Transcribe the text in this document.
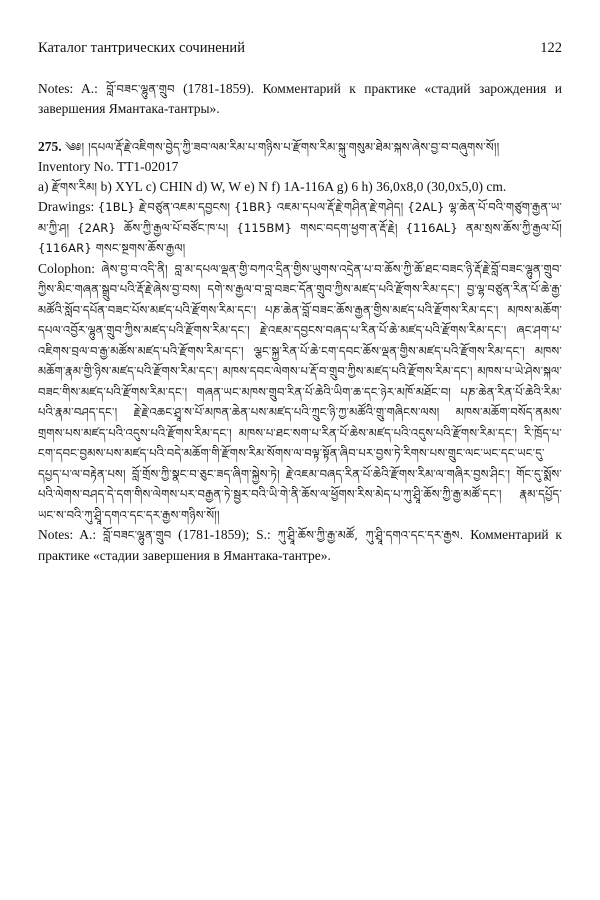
Каталог тантрических сочинений	122
Notes: A.: བློ་བཟང་ལྷུན་གྲུབ (1781-1859). Комментарий к практике «стадий зарождения и завершения Ямантака-тантры».
275. ༄༅། །དཔལ་རྡོ་རྗེ་འཇིགས་བྱེད་ཀྱི་ཟབ་ལམ་རིམ་པ་གཉིས་པ་རྫོགས་རིམ་སྐུ་གསུམ་ཐེམ་སྐས་ཞེས་བྱ་བ་བཞུགས་སོ།།
Inventory No. TT1-02017
a) རྫོགས་རིམ། b) XYL c) CHIN d) W, W e) N f) 1A-116A g) 6 h) 36,0x8,0 (30,0x5,0) cm.
Drawings: {1BL} རྗེ་བཙུན་འཇམ་དབྱངས། {1BR} འཇམ་དཔལ་རྡོ་རྗེ་གཤིན་རྗེ་གཤེད། {2AL} ལྷ་ཆེན་པོ་བའི་གཙུག་རྒྱན་ཡ་མ་ཀྱི་ཤ། {2AR} ཆོས་ཀྱི་རྒྱལ་པོ་བཙོང་ཁ་པ། {115BM} གསང་བདག་ཕྱག་ན་རྡོ་རྗེ། {116AL} ནམ་སྲས་ཆོས་ཀྱི་རྒྱལ་པོ། {116AR} གསང་སྔགས་ཆོས་རྒྱལ།
Colophon: ཞེས་བྱ་བ་འདི་ནི། བླ་མ་དཔལ་ལྡན་གྱི་བཀའ་དྲིན་གྱིས་ཡུགས་འདྲེན་པ་བ་ཆོས་ཀྱི་ཆོ་ཐང་བཟང་ཉི་རྡོ་རྗེ་བློ་བཟང་ལྷུན་གྲུབ་ཀྱིས་མིང་གཞན་སྒྲུབ་པའི་རྡོ་རྗེ་ཞེས་བྱ་བས། དགེ་ས་རྒྱལ་བ་བླ་བཟང་དོན་གྲུབ་ཀྱིས་མཛད་པའི་རྫོགས་རིམ་དང་། བྱ་ལྷ་བཙུན་རིན་པོ་ཆེ་རྒྱ་མཚོའི་སློབ་དཔོན་བཟང་པོས་མཛད་པའི་རྫོགས་རིམ་དང་། པཎ་ཆེན་བློ་བཟང་ཆོས་རྒྱན་གྱིས་མཛད་པའི་རྫོགས་རིམ་དང་། མཁས་མཆོག་དཔལ་འབྱོར་ལྷུན་གྲུབ་ཀྱིས་མཛད་པའི་རྫོགས་རིམ་དང་། རྗེ་འཇམ་དབྱངས་བཞད་པ་རིན་པོ་ཆེ་མཛད་པའི་རྫོགས་རིམ་དང་། ཞང་ཤག་པ་འཇིགས་བྲལ་བ་རྒྱ་མཚོས་མཛད་པའི་རྫོགས་རིམ་དང་། ལྕང་སྐྱ་རིན་པོ་ཆེ་ངག་དབང་ཆོས་ལྡན་གྱིས་མཛད་པའི་རྫོགས་རིམ་དང་། མཁས་མཆོག་རྣམ་གྱི་ཉིས་མཛད་པའི་རྫོགས་རིམ་དང་། མཁས་དབང་ལེགས་པ་རྡོ་བ་གྲུབ་ཀྱིས་མཛད་པའི་རྫོགས་རིམ་དང་། མཁས་པ་ཡེ་ཤེས་སྐལ་བཟང་གིས་མཛད་པའི་རྫོགས་རིམ་དང་། གཞན་ཡང་མཁས་གྲུབ་རིན་པོ་ཆེའི་ཡིག་ཆ་དང་ཉེར་མཁོ་མཐོང་བ། པཎ་ཆེན་རིན་པོ་ཆེའི་རིམ་པའི་རྣམ་བཤད་དང་། རྗེ་རྗེ་འཆང་ཤྲཱ་ས་པོ་མཁན་ཆེན་པས་མཛད་པའི་ཀྲུང་ཉི་ཀྱ་མཚོའི་གྲུ་གཞིངས་ལས། མཁས་མཆོག་བསོད་ནམས་གྲགས་པས་མཛད་པའི་འདུས་པའི་རྫོགས་རིམ་དང་། མཁས་པ་ཐང་སག་པ་རིན་པོ་ཆེས་མཛད་པའི་འདུས་པའི་རྫོགས་རིམ་དང་། རི་ཁྲོད་པ་ངག་དབང་བྱམས་པས་མཛད་པའི་བདེ་མཆོག་གི་རྫོགས་རིམ་སོགས་ལ་བལྟ་སྟོན་ཞིབ་པར་བྱས་ཏེ་རིགས་པས་གྲུང་ལང་ཡང་དང་ཡང་དུ་དཔྱད་པ་ལ་བརྟེན་པས། བློ་གྲོས་ཀྱི་སྣང་བ་ཅུང་ཟད་ཞིག་སྐྱེས་ཏེ། རྗེ་འཇམ་བཞད་རིན་པོ་ཆེའི་རྫོགས་རིམ་ལ་གཞིར་བྱས་ཤིང་། གོང་དུ་སྨོས་པའི་ལེགས་བཤད་དེ་དག་གིས་ལེགས་པར་བརྒྱན་ཏེ་སྦྱར་བའི་ཡི་གེ་ནི་ཆོས་ལ་ཕྱོགས་རིས་མེད་པ་ཀུ་ཤྲཱི་ཆོས་ཀྱི་རྒྱ་མཚོ་དང་། རྣམ་དཔྱོད་ཡང་ས་བའི་ཀུ་ཤྲཱི་དགའ་དང་དར་རྒྱས་གཉིས་སོ།།
Notes: A.: བློ་བཟང་ལྷུན་གྲུབ (1781-1859); S.: ཀུ་ཤྲཱི་ཆོས་ཀྱི་རྒྱ་མཚོ, ཀུ་ཤྲཱི་དགའ་དང་དར་རྒྱས. Комментарий к практике «стадии завершения в Ямантака-тантре».
